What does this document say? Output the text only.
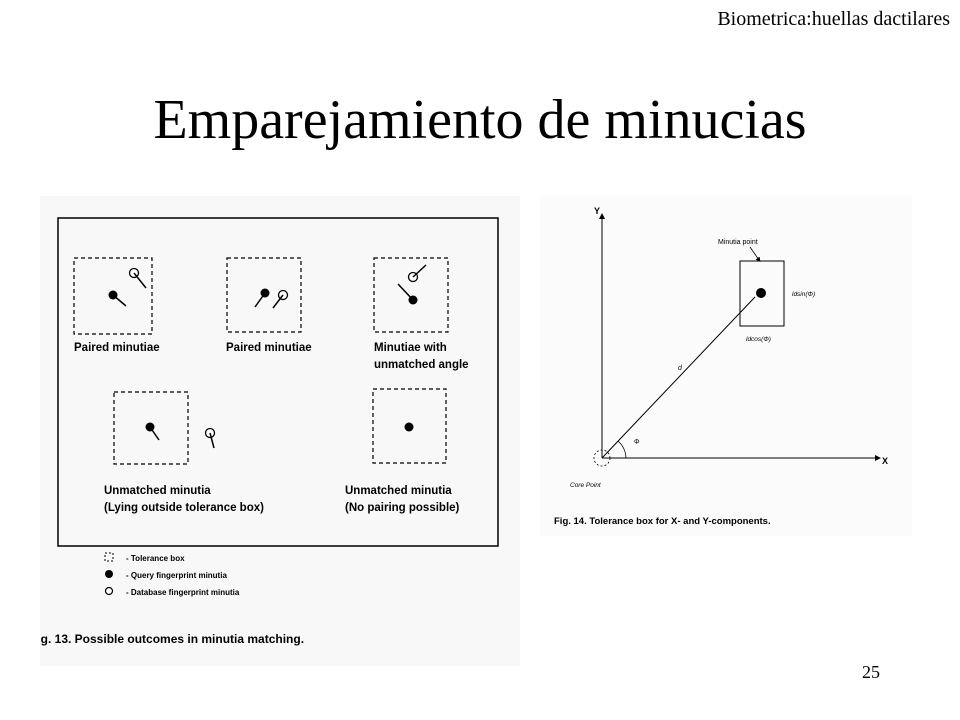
Biometrica:huellas dactilares
Emparejamiento de minucias
Paired minutiae	Paired minutiae	Minutiae with
unmatched angle
Unmatched minutia
(Lying outside tolerance box)
Unmatched minutia
(No pairing possible)
- Tolerance box
- Query fingerprint minutia
- Database fingerprint minutia
Fig. 13. Possible outcomes in minutia matching.
Y
X
Minutia point
ldsin(Φ)
ldcos(Φ)
d
Φ
Core Point
Fig. 14. Tolerance box for X- and Y-components.
25
